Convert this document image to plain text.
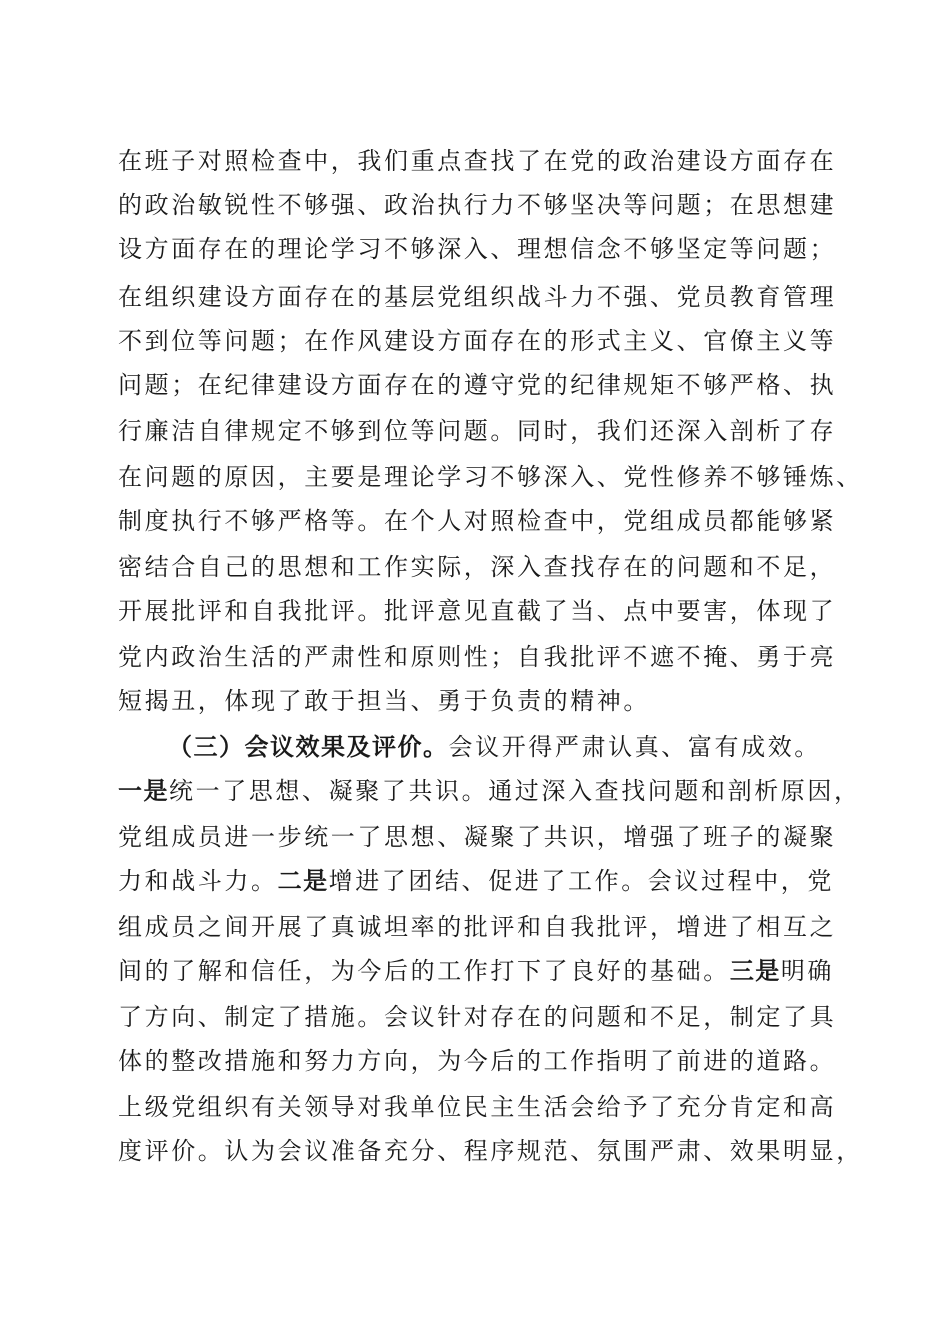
在班子对照检查中，我们重点查找了在党的政治建设方面存在
的政治敏锐性不够强、政治执行力不够坚决等问题；在思想建
设方面存在的理论学习不够深入、理想信念不够坚定等问题；
在组织建设方面存在的基层党组织战斗力不强、党员教育管理
不到位等问题；在作风建设方面存在的形式主义、官僚主义等
问题；在纪律建设方面存在的遵守党的纪律规矩不够严格、执
行廉洁自律规定不够到位等问题。同时，我们还深入剖析了存
在问题的原因，主要是理论学习不够深入、党性修养不够锤炼、
制度执行不够严格等。在个人对照检查中，党组成员都能够紧
密结合自己的思想和工作实际，深入查找存在的问题和不足，
开展批评和自我批评。批评意见直截了当、点中要害，体现了
党内政治生活的严肃性和原则性；自我批评不遮不掩、勇于亮
短揭丑，体现了敢于担当、勇于负责的精神。
（三）会议效果及评价。会议开得严肃认真、富有成效。
一是统一了思想、凝聚了共识。通过深入查找问题和剖析原因，
党组成员进一步统一了思想、凝聚了共识，增强了班子的凝聚
力和战斗力。二是增进了团结、促进了工作。会议过程中，党
组成员之间开展了真诚坦率的批评和自我批评，增进了相互之
间的了解和信任，为今后的工作打下了良好的基础。三是明确
了方向、制定了措施。会议针对存在的问题和不足，制定了具
体的整改措施和努力方向，为今后的工作指明了前进的道路。
上级党组织有关领导对我单位民主生活会给予了充分肯定和高
度评价。认为会议准备充分、程序规范、氛围严肃、效果明显，
